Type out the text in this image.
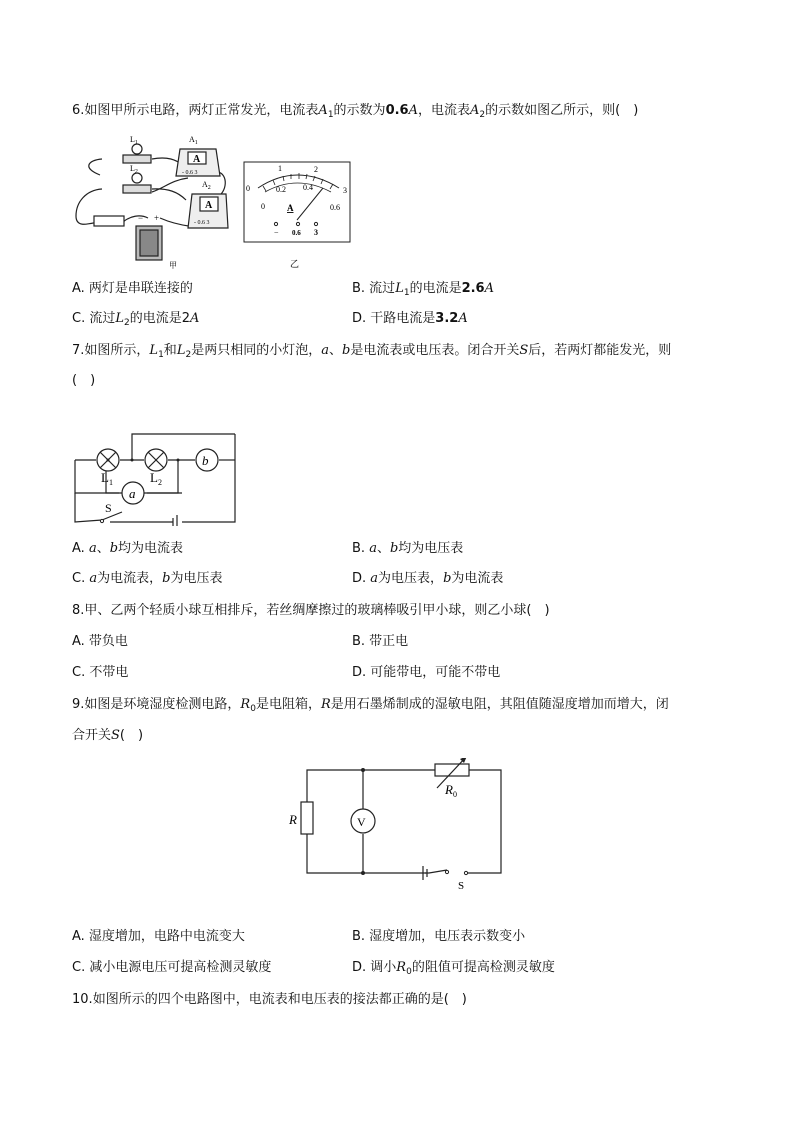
6.如图甲所示电路，两灯正常发光，电流表$A_1$的示数为0.6A，电流表$A_2$的示数如图乙所示，则(　)
$L_1$
$L_2$
$A_1$
$A_2$
A
A
- 0.6 3
- 0.6 3
− +
甲
0
1	2
3
0
0.2 0.4
0.6
A
− 0.6 3
乙
A. 两灯是串联连接的	B. 流过$L_1$的电流是2.6A
C. 流过$L_2$的电流是2A	D. 干路电流是3.2A
7.如图所示，$L_1$和$L_2$是两只相同的小灯泡，a、b是电流表或电压表。闭合开关S后，若两灯都能发光，则
(　)
$L_1$	$L_2$
a
b
S
A. a、b均为电流表	B. a、b均为电压表
C. a为电流表，b为电压表	D. a为电压表，b为电流表
8.甲、乙两个轻质小球互相排斥，若丝绸摩擦过的玻璃棒吸引甲小球，则乙小球(　)
A. 带负电	B. 带正电
C. 不带电	D. 可能带电，可能不带电
9.如图是环境湿度检测电路，$R_0$是电阻箱，R是用石墨烯制成的湿敏电阻，其阻值随湿度增加而增大，闭
合开关S(　)
R
$R_0$
V
S
A. 湿度增加，电路中电流变大	B. 湿度增加，电压表示数变小
C. 减小电源电压可提高检测灵敏度	D. 调小$R_0$的阻值可提高检测灵敏度
10.如图所示的四个电路图中，电流表和电压表的接法都正确的是(　)
